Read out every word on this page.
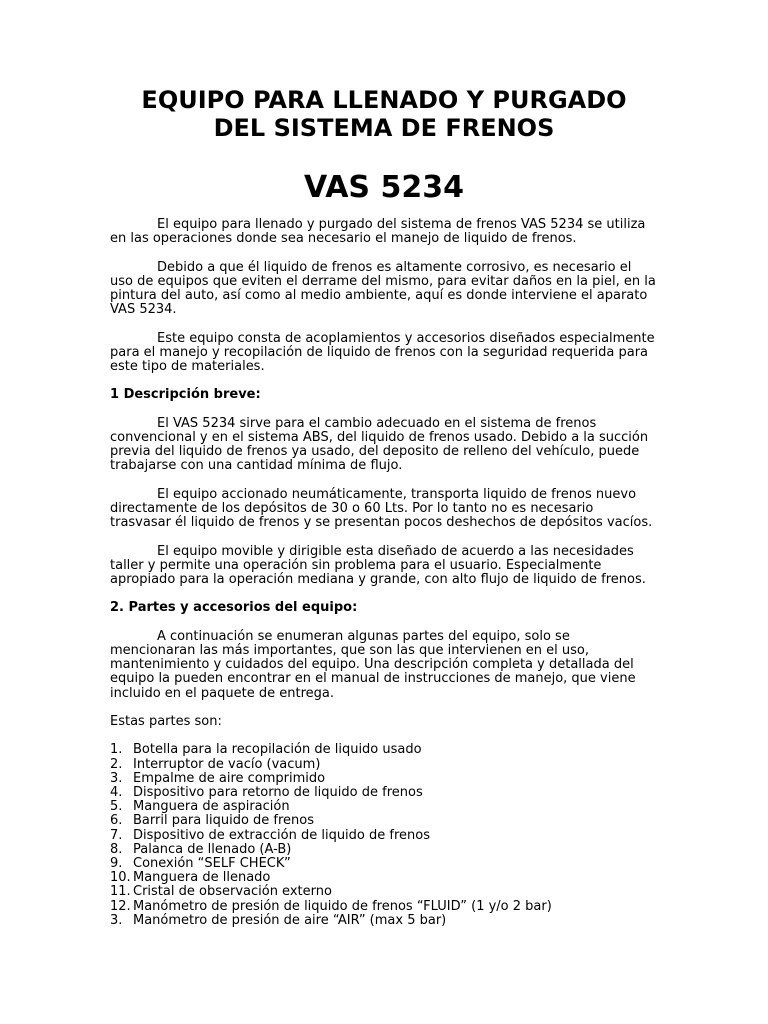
EQUIPO PARA LLENADO Y PURGADO
DEL SISTEMA DE FRENOS
VAS 5234

El equipo para llenado y purgado del sistema de frenos VAS 5234 se utiliza en las operaciones donde sea necesario el manejo de liquido de frenos.

Debido a que él liquido de frenos es altamente corrosivo, es necesario el uso de equipos que eviten el derrame del mismo, para evitar daños en la piel, en la pintura del auto, así como al medio ambiente, aquí es donde interviene el aparato VAS 5234.

Este equipo consta de acoplamientos y accesorios diseñados especialmente para el manejo y recopilación de liquido de frenos con la seguridad requerida para este tipo de materiales.

1 Descripción breve:

El VAS 5234 sirve para el cambio adecuado en el sistema de frenos convencional y en el sistema ABS, del liquido de frenos usado. Debido a la succión previa del liquido de frenos ya usado, del deposito de relleno del vehículo, puede trabajarse con una cantidad mínima de flujo.

El equipo accionado neumáticamente, transporta liquido de frenos nuevo directamente de los depósitos de 30 o 60 Lts. Por lo tanto no es necesario trasvasar él liquido de frenos y se presentan pocos deshechos de depósitos vacíos.

El equipo movible y dirigible esta diseñado de acuerdo a las necesidades taller y permite una operación sin problema para el usuario. Especialmente apropiado para la operación mediana y grande, con alto flujo de liquido de frenos.

2. Partes y accesorios del equipo:

A continuación se enumeran algunas partes del equipo, solo se mencionaran las más importantes, que son las que intervienen en el uso, mantenimiento y cuidados del equipo. Una descripción completa y detallada del equipo la pueden encontrar en el manual de instrucciones de manejo, que viene incluido en el paquete de entrega.

Estas partes son:

1. Botella para la recopilación de liquido usado
2. Interruptor de vacío (vacum)
3. Empalme de aire comprimido
4. Dispositivo para retorno de liquido de frenos
5. Manguera de aspiración
6. Barril para liquido de frenos
7. Dispositivo de extracción de liquido de frenos
8. Palanca de llenado (A-B)
9. Conexión “SELF CHECK”
10. Manguera de llenado
11. Cristal de observación externo
12. Manómetro de presión de liquido de frenos “FLUID” (1 y/o 2 bar)
3. Manómetro de presión de aire “AIR” (max 5 bar)
